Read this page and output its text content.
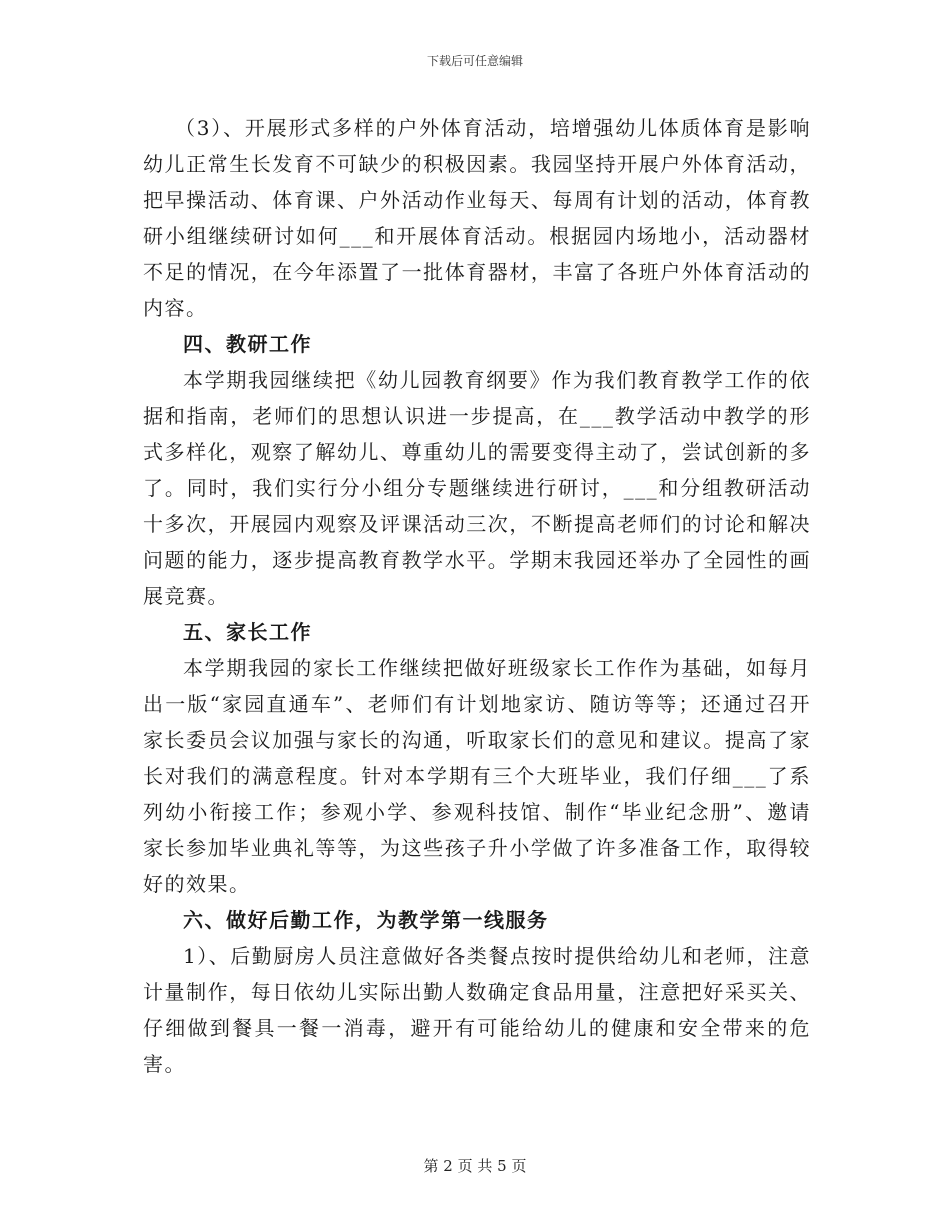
下载后可任意编辑

（3）、开展形式多样的户外体育活动，培增强幼儿体质体育是影响幼儿正常生长发育不可缺少的积极因素。我园坚持开展户外体育活动，把早操活动、体育课、户外活动作业每天、每周有计划的活动，体育教研小组继续研讨如何___和开展体育活动。根据园内场地小，活动器材不足的情况，在今年添置了一批体育器材，丰富了各班户外体育活动的内容。

四、教研工作

本学期我园继续把《幼儿园教育纲要》作为我们教育教学工作的依据和指南，老师们的思想认识进一步提高，在___教学活动中教学的形式多样化，观察了解幼儿、尊重幼儿的需要变得主动了，尝试创新的多了。同时，我们实行分小组分专题继续进行研讨，___和分组教研活动十多次，开展园内观察及评课活动三次，不断提高老师们的讨论和解决问题的能力，逐步提高教育教学水平。学期末我园还举办了全园性的画展竞赛。

五、家长工作

本学期我园的家长工作继续把做好班级家长工作作为基础，如每月出一版“家园直通车”、老师们有计划地家访、随访等等；还通过召开家长委员会议加强与家长的沟通，听取家长们的意见和建议。提高了家长对我们的满意程度。针对本学期有三个大班毕业，我们仔细___了系列幼小衔接工作；参观小学、参观科技馆、制作“毕业纪念册”、邀请家长参加毕业典礼等等，为这些孩子升小学做了许多准备工作，取得较好的效果。

六、做好后勤工作，为教学第一线服务

1）、后勤厨房人员注意做好各类餐点按时提供给幼儿和老师，注意计量制作，每日依幼儿实际出勤人数确定食品用量，注意把好采买关、仔细做到餐具一餐一消毒，避开有可能给幼儿的健康和安全带来的危害。

第 2 页 共 5 页
